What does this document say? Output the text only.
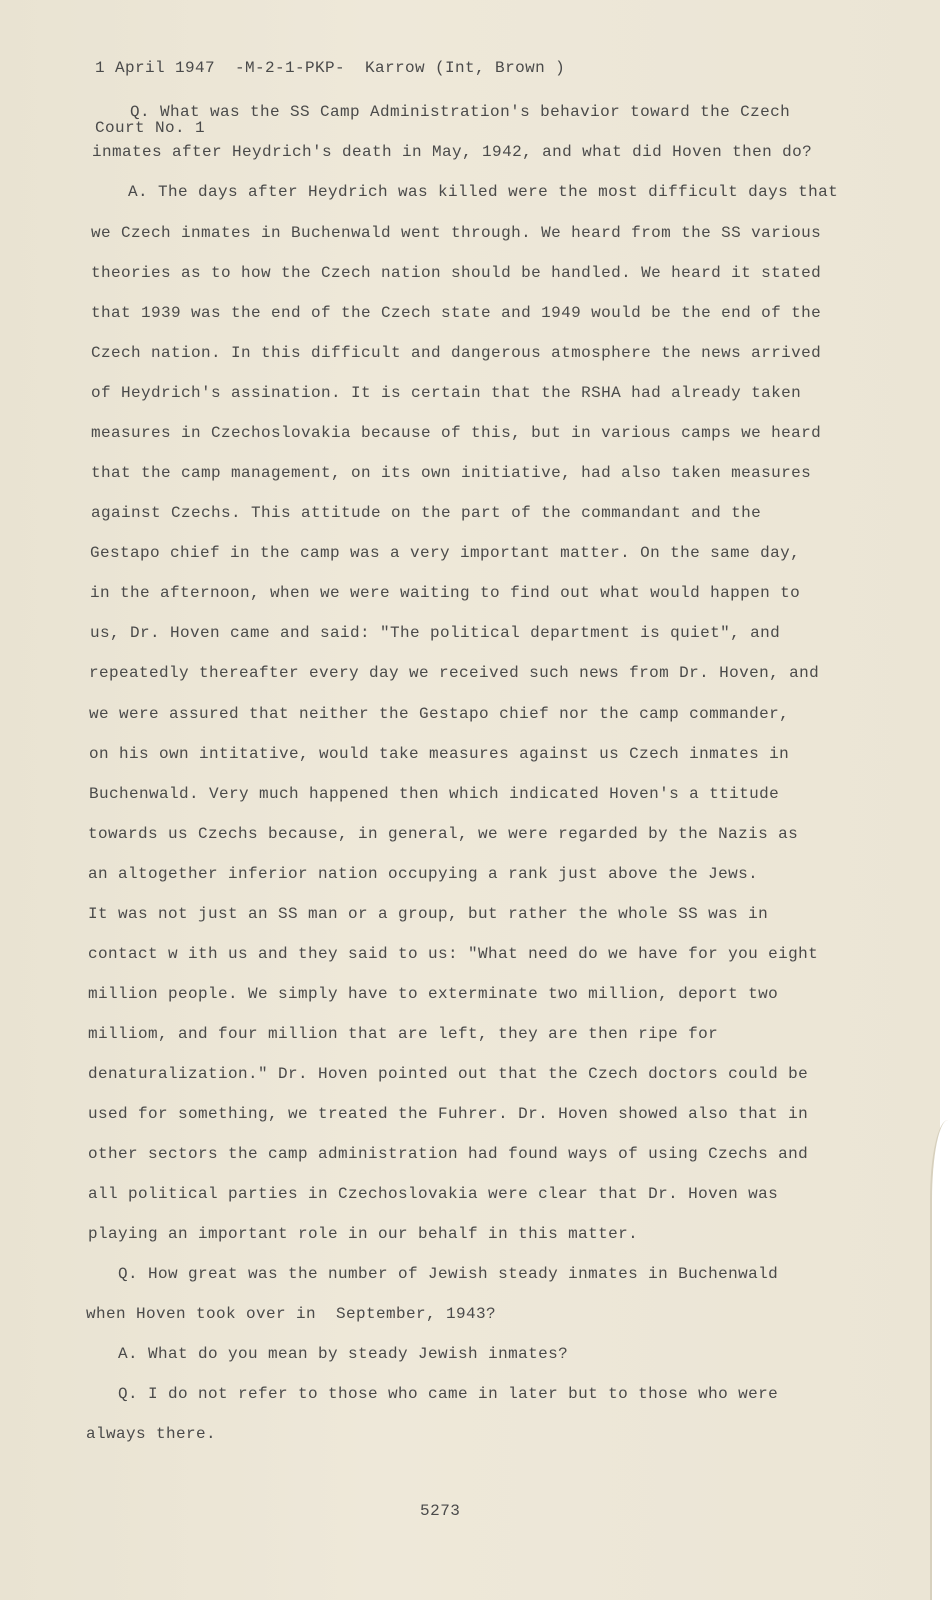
1 April 1947  -M-2-1-PKP-  Karrow (Int, Brown )

Court No. 1

Q. What was the SS Camp Administration's behavior toward the Czech

inmates after Heydrich's death in May, 1942, and what did Hoven then do?

A. The days after Heydrich was killed were the most difficult days that

we Czech inmates in Buchenwald went through. We heard from the SS various

theories as to how the Czech nation should be handled. We heard it stated

that 1939 was the end of the Czech state and 1949 would be the end of the

Czech nation. In this difficult and dangerous atmosphere the news arrived

of Heydrich's assination. It is certain that the RSHA had already taken

measures in Czechoslovakia because of this, but in various camps we heard

that the camp management, on its own initiative, had also taken measures

against Czechs. This attitude on the part of the commandant and the

Gestapo chief in the camp was a very important matter. On the same day,

in the afternoon, when we were waiting to find out what would happen to

us, Dr. Hoven came and said: "The political department is quiet", and

repeatedly thereafter every day we received such news from Dr. Hoven, and

we were assured that neither the Gestapo chief nor the camp commander,

on his own intitative, would take measures against us Czech inmates in

Buchenwald. Very much happened then which indicated Hoven's a ttitude

towards us Czechs because, in general, we were regarded by the Nazis as

an altogether inferior nation occupying a rank just above the Jews.

It was not just an SS man or a group, but rather the whole SS was in

contact w ith us and they said to us: "What need do we have for you eight

million people. We simply have to exterminate two million, deport two

milliom, and four million that are left, they are then ripe for

denaturalization." Dr. Hoven pointed out that the Czech doctors could be

used for something, we treated the Fuhrer. Dr. Hoven showed also that in

other sectors the camp administration had found ways of using Czechs and

all political parties in Czechoslovakia were clear that Dr. Hoven was

playing an important role in our behalf in this matter.

Q. How great was the number of Jewish steady inmates in Buchenwald

when Hoven took over in  September, 1943?

A. What do you mean by steady Jewish inmates?

Q. I do not refer to those who came in later but to those who were

always there.

5273
